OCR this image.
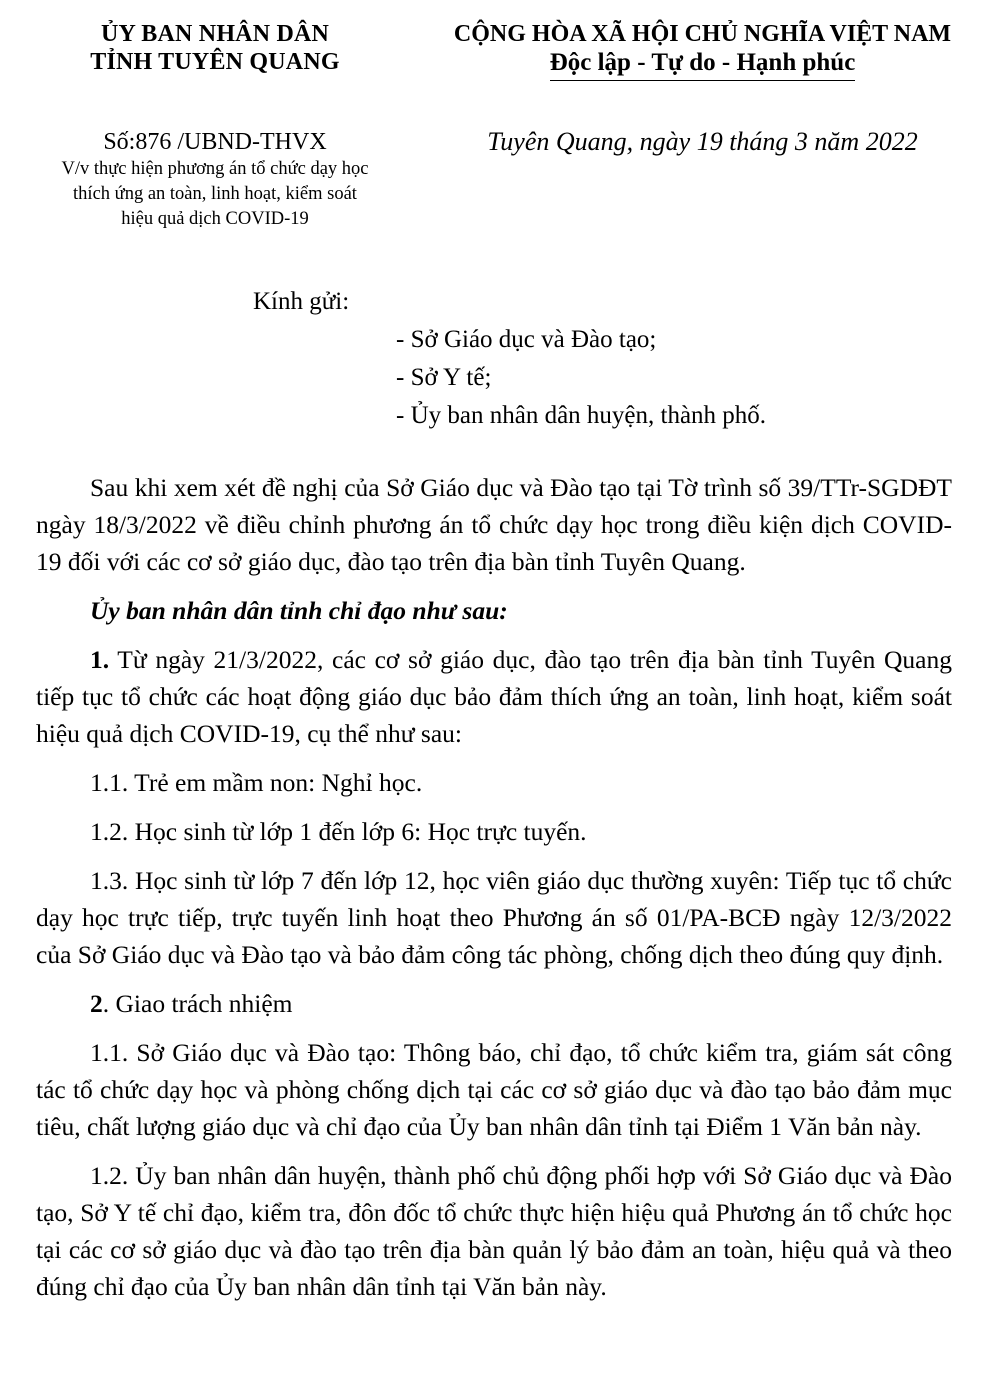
ỦY BAN NHÂN DÂN
TỈNH TUYÊN QUANG
Số:876 /UBND-THVX
V/v thực hiện phương án tổ chức dạy học
thích ứng an toàn, linh hoạt, kiểm soát
hiệu quả dịch COVID-19
CỘNG HÒA XÃ HỘI CHỦ NGHĨA VIỆT NAM
Độc lập - Tự do - Hạnh phúc
Tuyên Quang, ngày 19 tháng 3 năm 2022

Kính gửi:

- Sở Giáo dục và Đào tạo;
- Sở Y tế;
- Ủy ban nhân dân huyện, thành phố.

Sau khi xem xét đề nghị của Sở Giáo dục và Đào tạo tại Tờ trình số 39/TTr-SGDĐT ngày 18/3/2022 về điều chỉnh phương án tổ chức dạy học trong điều kiện dịch COVID-19 đối với các cơ sở giáo dục, đào tạo trên địa bàn tỉnh Tuyên Quang.

Ủy ban nhân dân tỉnh chỉ đạo như sau:

1. Từ ngày 21/3/2022, các cơ sở giáo dục, đào tạo trên địa bàn tỉnh Tuyên Quang tiếp tục tổ chức các hoạt động giáo dục bảo đảm thích ứng an toàn, linh hoạt, kiểm soát hiệu quả dịch COVID-19, cụ thể như sau:

1.1. Trẻ em mầm non: Nghỉ học.

1.2. Học sinh từ lớp 1 đến lớp 6: Học trực tuyến.

1.3. Học sinh từ lớp 7 đến lớp 12, học viên giáo dục thường xuyên: Tiếp tục tổ chức dạy học trực tiếp, trực tuyến linh hoạt theo Phương án số 01/PA-BCĐ ngày 12/3/2022 của Sở Giáo dục và Đào tạo và bảo đảm công tác phòng, chống dịch theo đúng quy định.

2. Giao trách nhiệm

1.1. Sở Giáo dục và Đào tạo: Thông báo, chỉ đạo, tổ chức kiểm tra, giám sát công tác tổ chức dạy học và phòng chống dịch tại các cơ sở giáo dục và đào tạo bảo đảm mục tiêu, chất lượng giáo dục và chỉ đạo của Ủy ban nhân dân tỉnh tại Điểm 1 Văn bản này.

1.2. Ủy ban nhân dân huyện, thành phố chủ động phối hợp với Sở Giáo dục và Đào tạo, Sở Y tế chỉ đạo, kiểm tra, đôn đốc tổ chức thực hiện hiệu quả Phương án tổ chức học tại các cơ sở giáo dục và đào tạo trên địa bàn quản lý bảo đảm an toàn, hiệu quả và theo đúng chỉ đạo của Ủy ban nhân dân tỉnh tại Văn bản này.
